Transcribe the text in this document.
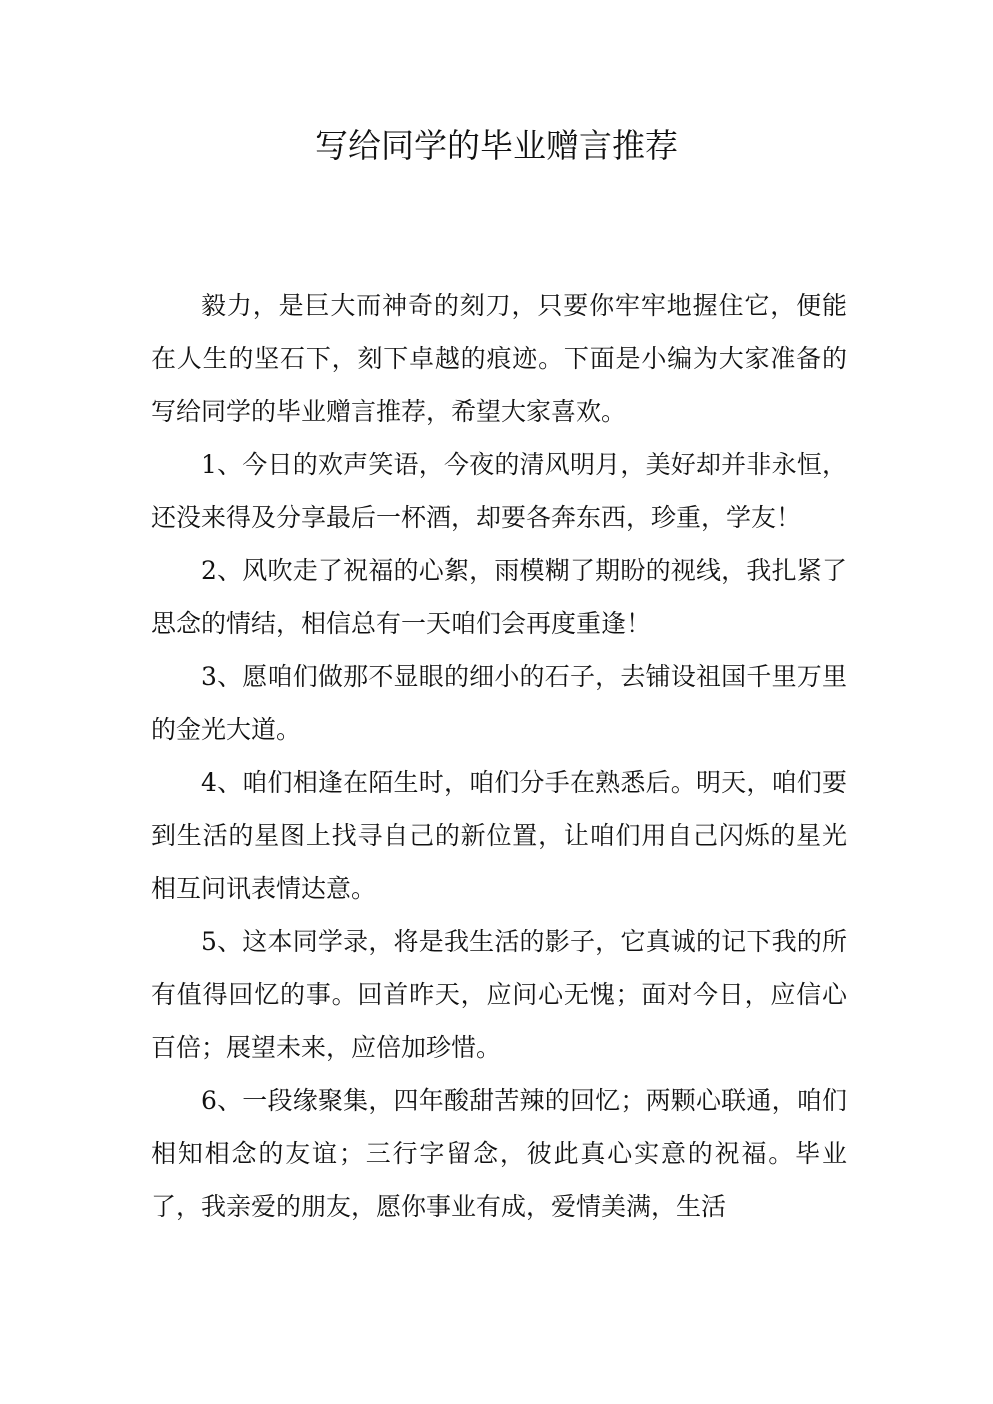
写给同学的毕业赠言推荐

毅力，是巨大而神奇的刻刀，只要你牢牢地握住它，便能在人生的坚石下，刻下卓越的痕迹。下面是小编为大家准备的写给同学的毕业赠言推荐，希望大家喜欢。

1、今日的欢声笑语，今夜的清风明月，美好却并非永恒，还没来得及分享最后一杯酒，却要各奔东西，珍重，学友！

2、风吹走了祝福的心絮，雨模糊了期盼的视线，我扎紧了思念的情结，相信总有一天咱们会再度重逢！

3、愿咱们做那不显眼的细小的石子，去铺设祖国千里万里的金光大道。

4、咱们相逢在陌生时，咱们分手在熟悉后。明天，咱们要到生活的星图上找寻自己的新位置，让咱们用自己闪烁的星光相互问讯表情达意。

5、这本同学录，将是我生活的影子，它真诚的记下我的所有值得回忆的事。回首昨天，应问心无愧；面对今日，应信心百倍；展望未来，应倍加珍惜。

6、一段缘聚集，四年酸甜苦辣的回忆；两颗心联通，咱们相知相念的友谊；三行字留念，彼此真心实意的祝福。毕业了，我亲爱的朋友，愿你事业有成，爱情美满，生活
